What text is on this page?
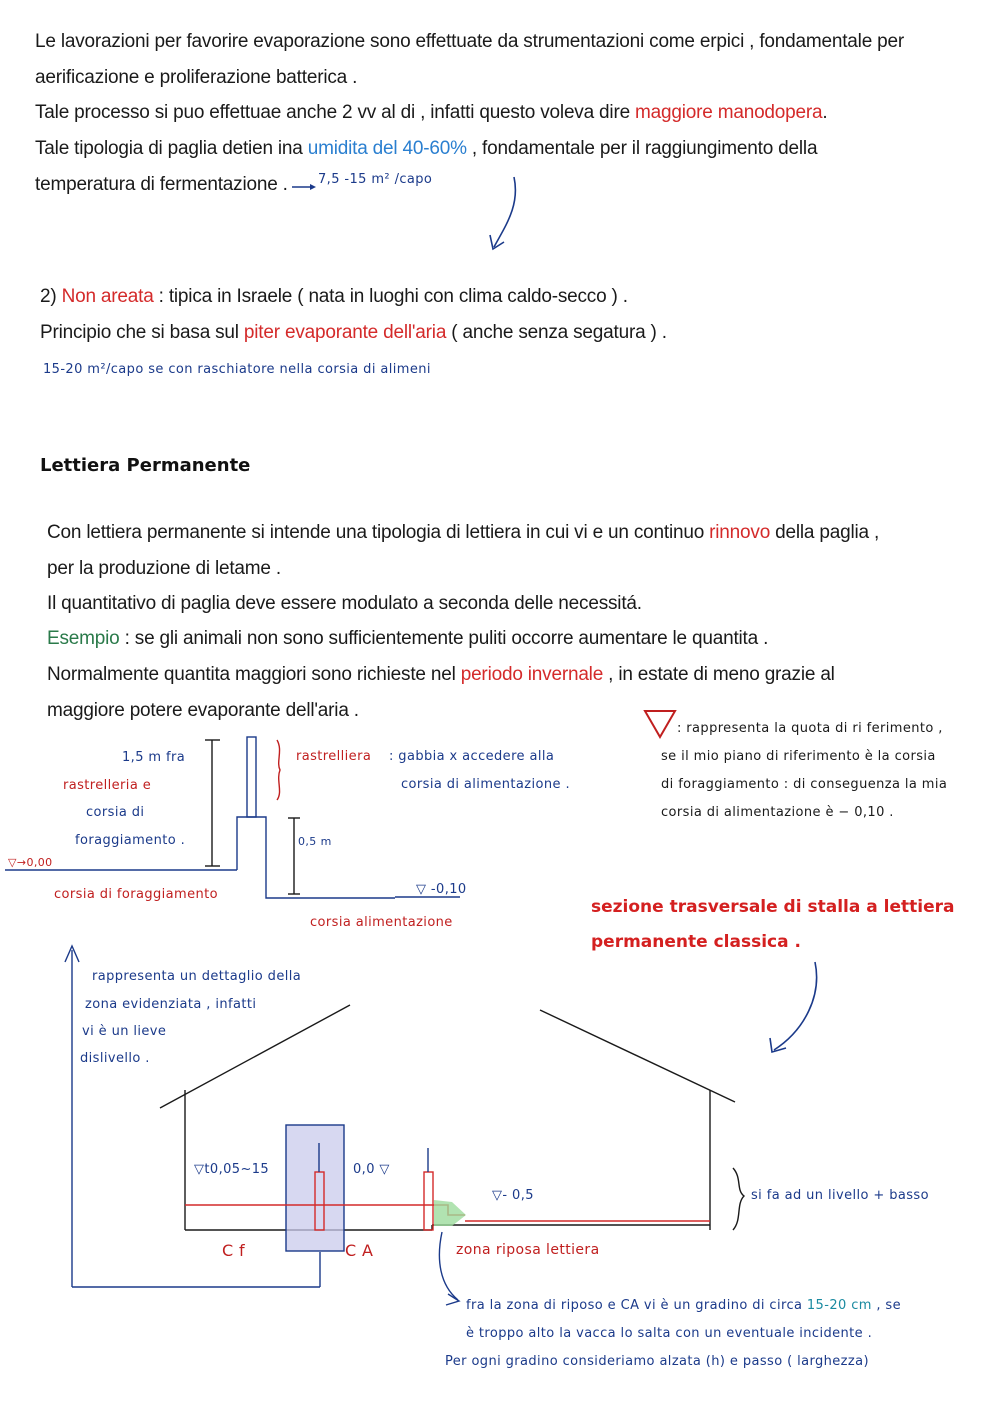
Le lavorazioni per favorire evaporazione sono effettuate da strumentazioni come erpici , fondamentale per
aerificazione e proliferazione batterica .
Tale processo si puo effettuae anche 2 vv al di , infatti questo voleva dire maggiore manodopera.
Tale tipologia di paglia detien ina umidita del 40-60% , fondamentale per il raggiungimento della
temperatura di fermentazione . 7,5 -15 m² /capo
2) Non areata : tipica in Israele ( nata in luoghi con clima caldo-secco ) .
Principio che si basa sul piter evaporante dell'aria ( anche senza segatura ) .
15-20 m²/capo se con raschiatore nella corsia di alimeni
Lettiera Permanente
Con lettiera permanente si intende una tipologia di lettiera in cui vi e un continuo rinnovo della paglia ,
per la produzione di letame .
Il quantitativo di paglia deve essere modulato a seconda delle necessitá.
Esempio : se gli animali non sono sufficientemente puliti occorre aumentare le quantita .
Normalmente quantita maggiori sono richieste nel periodo invernale , in estate di meno grazie al
maggiore potere evaporante dell'aria .
1,5 m fra
rastrelleria e
corsia di
foraggiamento .
rastrelliera : gabbia x accedere alla
corsia di alimentazione .
0,5 m
▽→0,00
▽ -0,10
corsia di foraggiamento
corsia alimentazione
: rappresenta la quota di ri ferimento ,
se il mio piano di riferimento è la corsia
di foraggiamento : di conseguenza la mia
corsia di alimentazione è − 0,10 .
sezione trasversale di stalla a lettiera
permanente classica .
rappresenta un dettaglio della
zona evidenziata , infatti
vi è un lieve
dislivello .
▽t0,05~15	0,0 ▽
▽- 0,5	si fa ad un livello + basso
C f	C A	zona riposa lettiera
fra la zona di riposo e CA vi è un gradino di circa 15-20 cm , se
è troppo alto la vacca lo salta con un eventuale incidente .
Per ogni gradino consideriamo alzata (h) e passo ( larghezza)
